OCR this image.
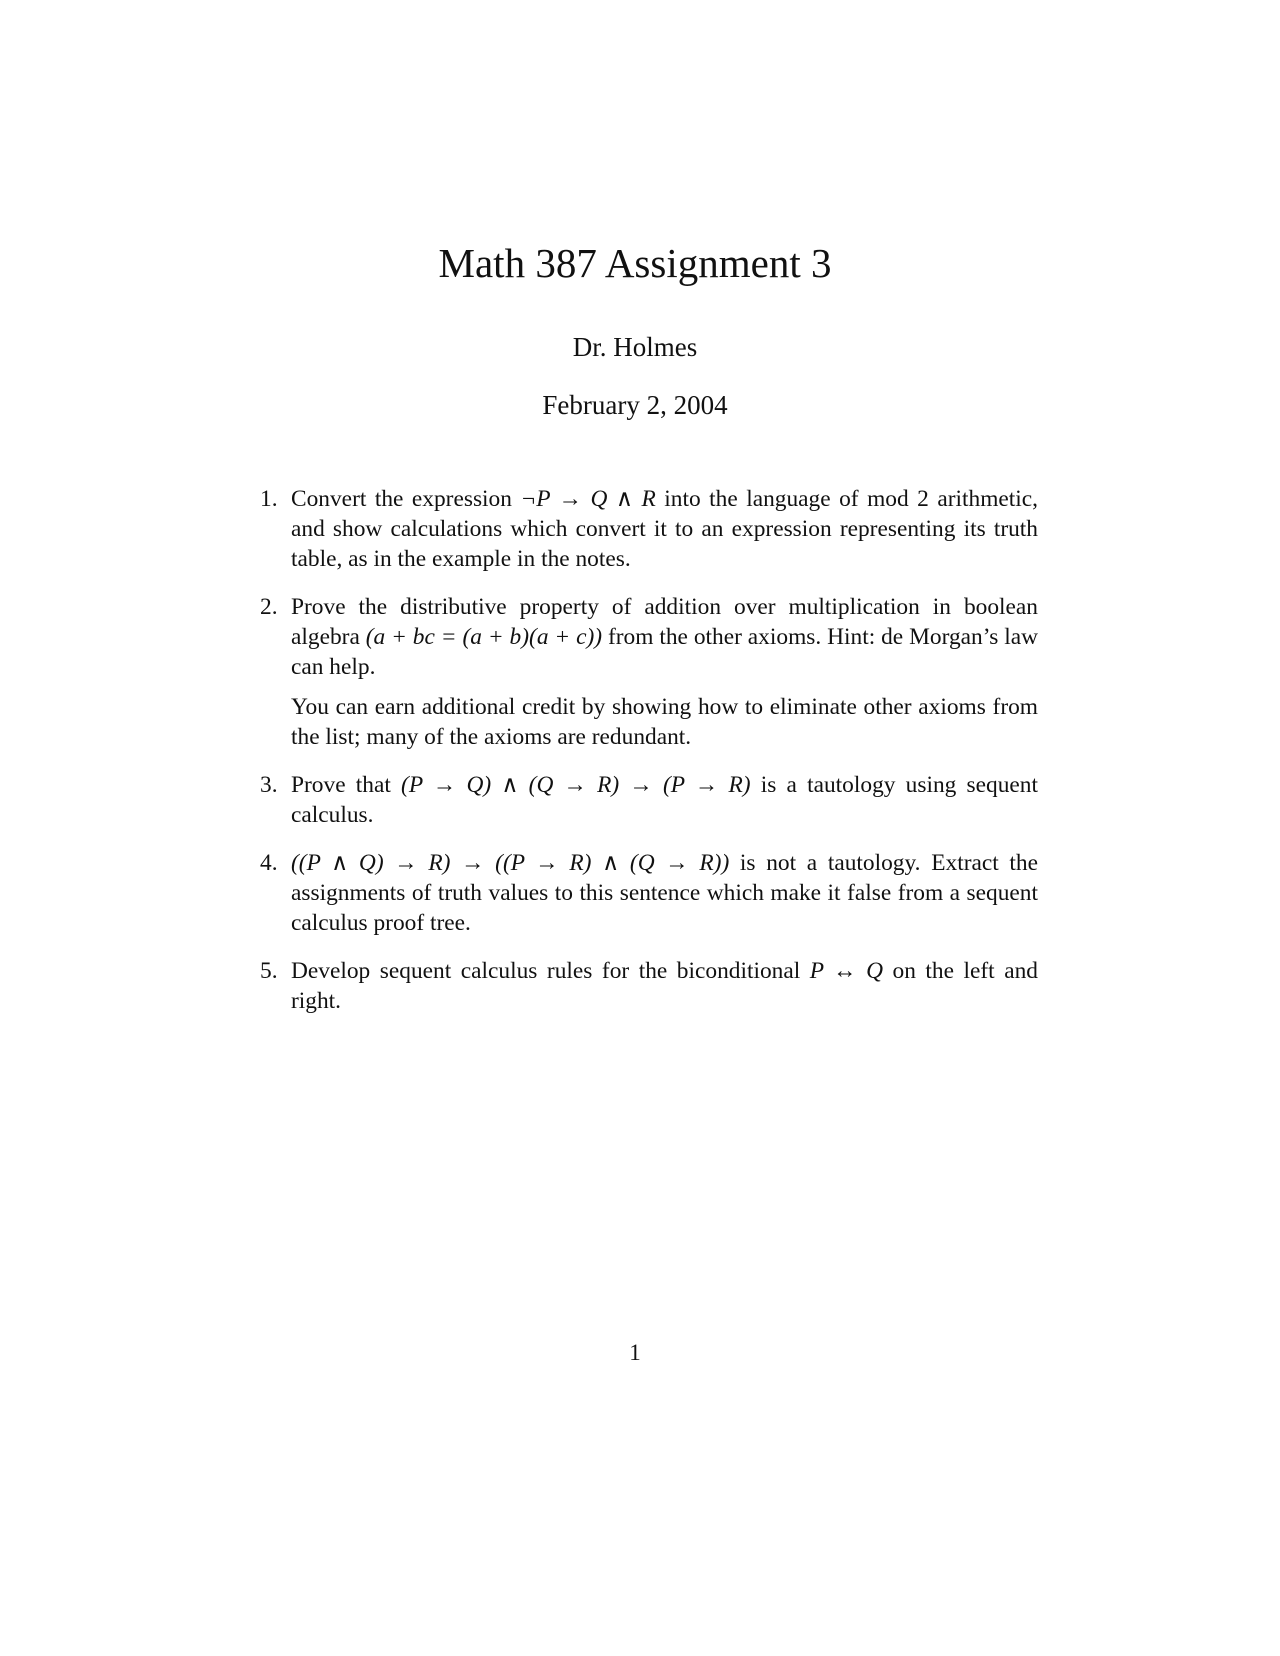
Math 387 Assignment 3
Dr. Holmes
February 2, 2004
1. Convert the expression ¬P → Q ∧ R into the language of mod 2 arithmetic, and show calculations which convert it to an expression representing its truth table, as in the example in the notes.

2. Prove the distributive property of addition over multiplication in boolean algebra (a + bc = (a + b)(a + c)) from the other axioms. Hint: de Morgan’s law can help.

You can earn additional credit by showing how to eliminate other axioms from the list; many of the axioms are redundant.

3. Prove that (P → Q) ∧ (Q → R) → (P → R) is a tautology using sequent calculus.

4. ((P ∧ Q) → R) → ((P → R) ∧ (Q → R)) is not a tautology. Extract the assignments of truth values to this sentence which make it false from a sequent calculus proof tree.

5. Develop sequent calculus rules for the biconditional P ↔ Q on the left and right.

1
